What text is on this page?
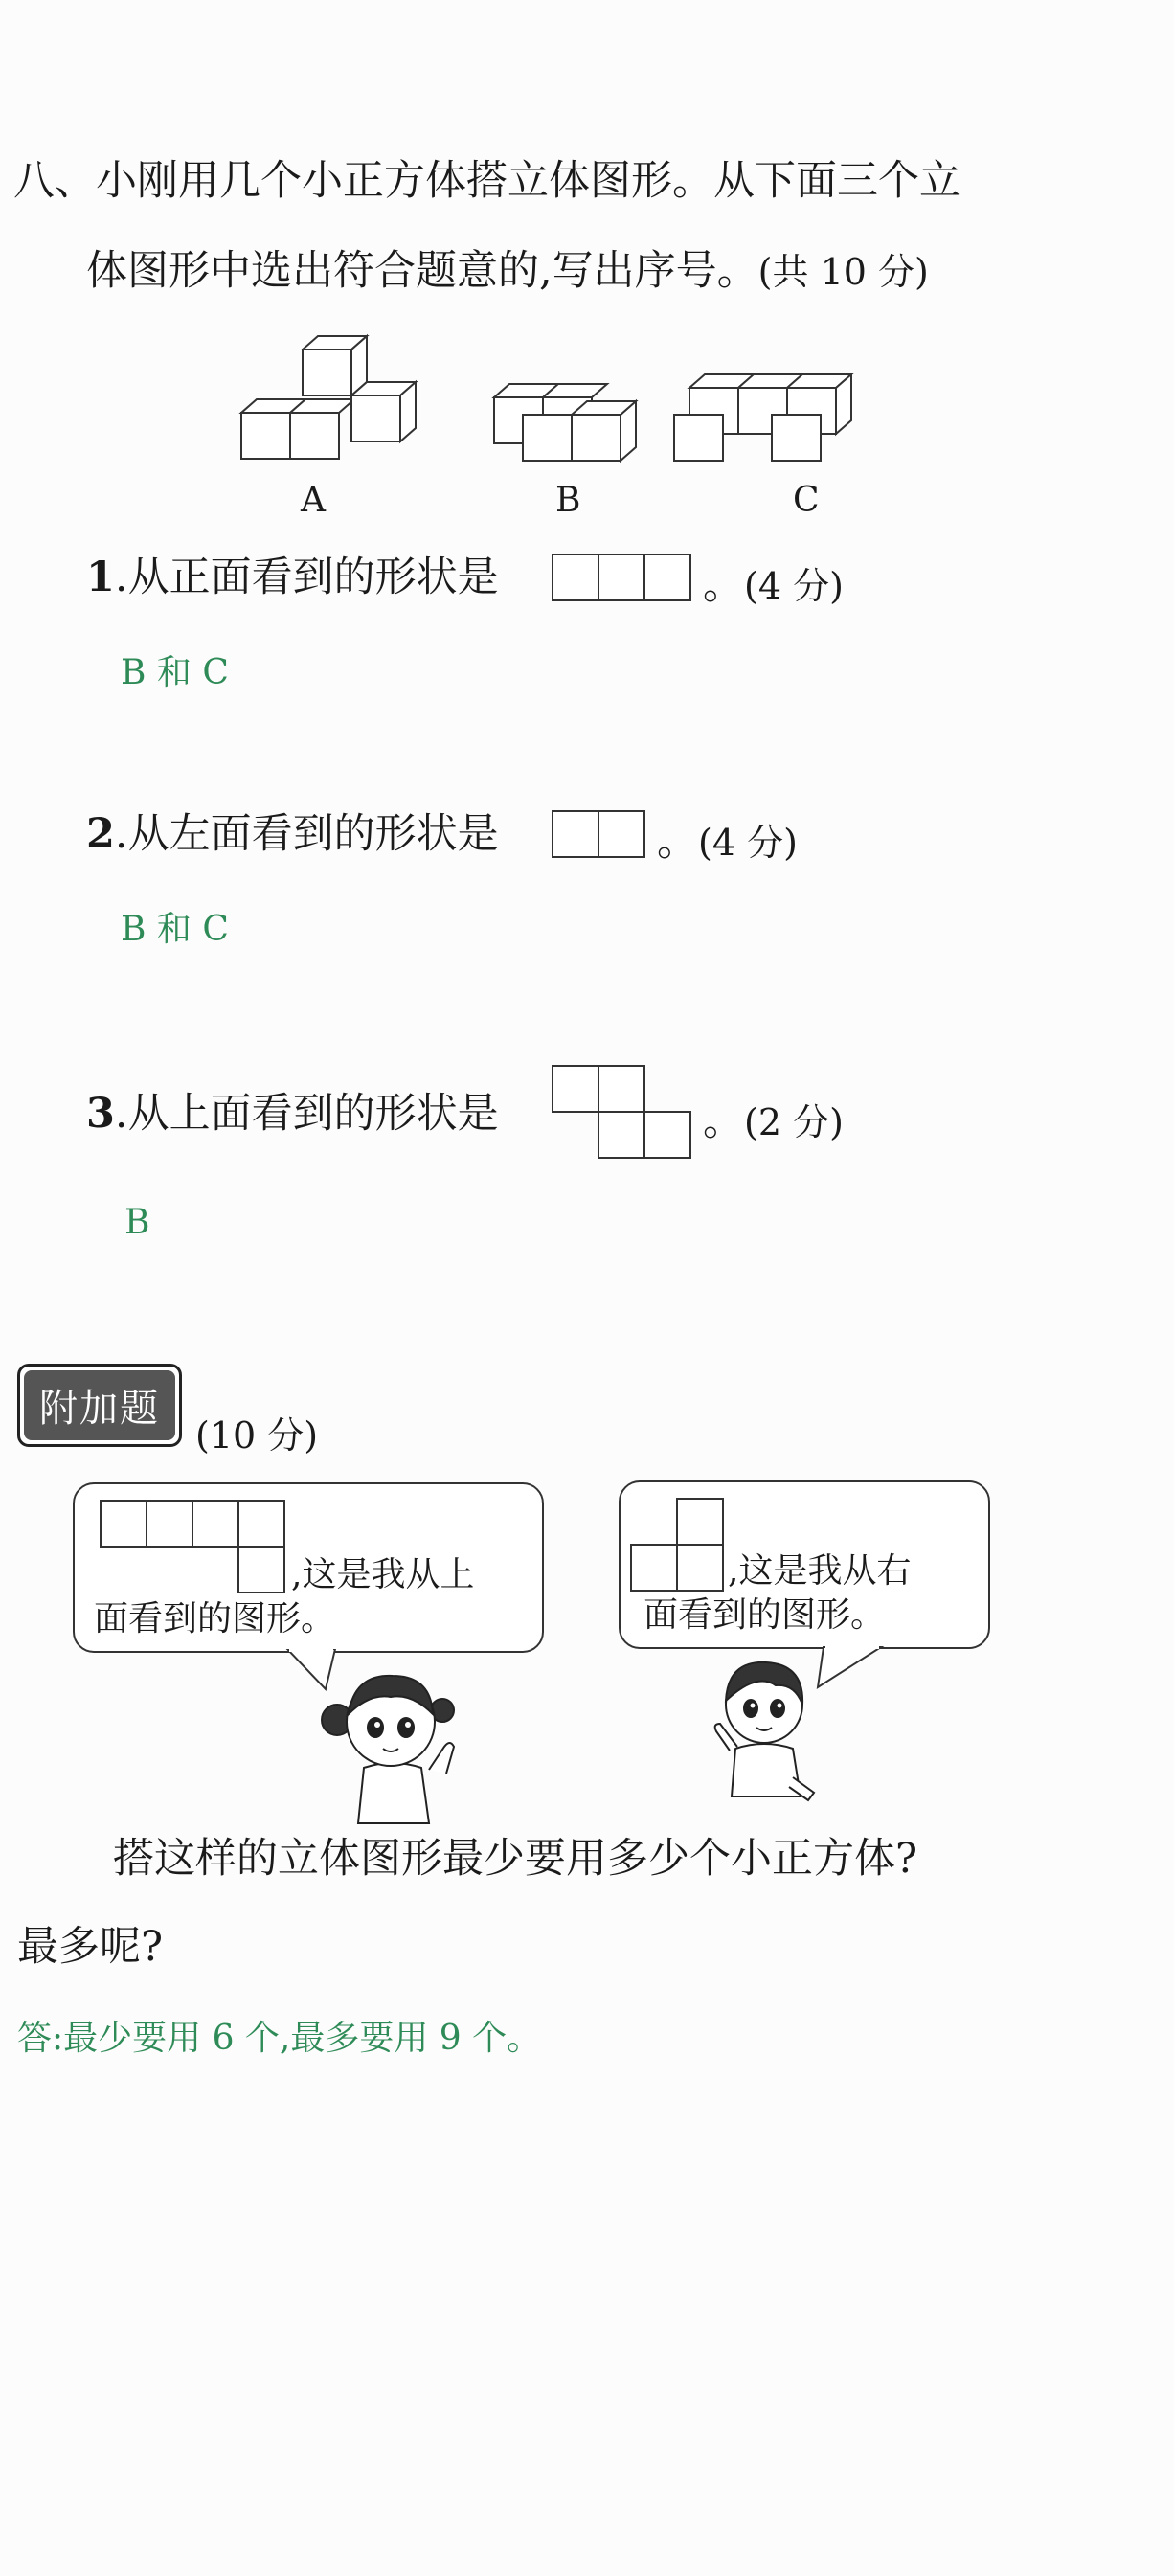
八、小刚用几个小正方体搭立体图形。从下面三个立
体图形中选出符合题意的,写出序号。(共 10 分)
A	B	C
1.从正面看到的形状是	。(4 分)
B 和 C
2.从左面看到的形状是	。(4 分)
B 和 C
3.从上面看到的形状是	。(2 分)
B
附加题
(10 分)
,这是我从上
面看到的图形。
,这是我从右
面看到的图形。
搭这样的立体图形最少要用多少个小正方体?
最多呢?
答:最少要用 6 个,最多要用 9 个。
